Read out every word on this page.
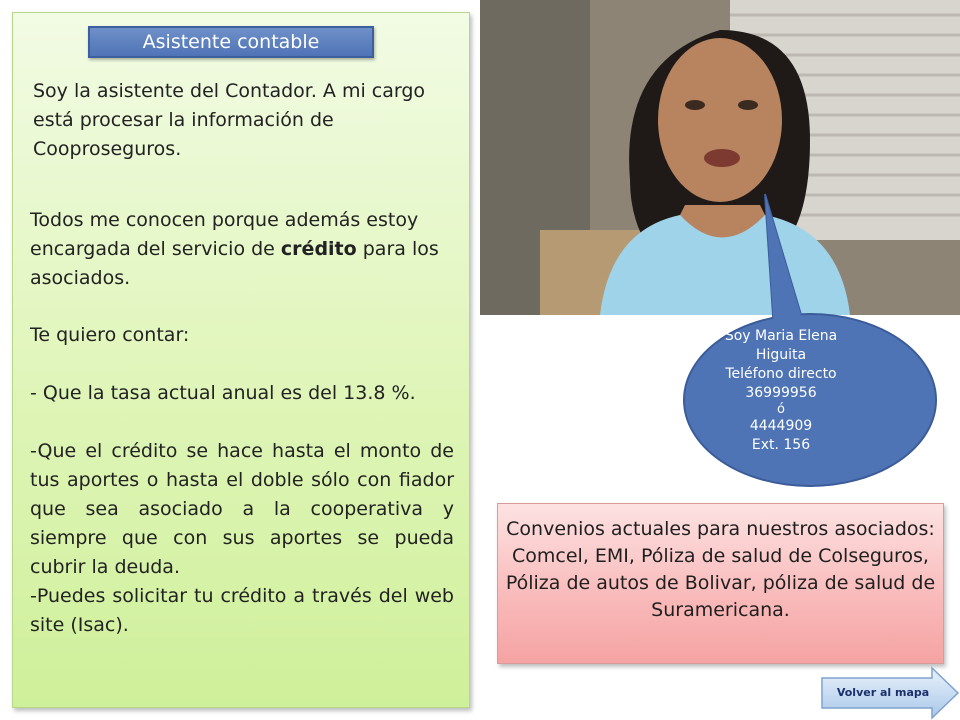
Asistente contable
Soy la asistente del Contador. A mi cargo está procesar la información de Cooproseguros.
Todos me conocen porque además estoy encargada del servicio de crédito para los asociados.
Te quiero contar:
- Que la tasa actual anual es del 13.8 %.
-Que el crédito se hace hasta el monto de tus aportes o hasta el doble sólo con fiador que sea asociado a la cooperativa y siempre que con sus aportes se pueda cubrir la deuda.
-Puedes solicitar tu crédito a través del web site (Isac).
Soy Maria Elena
Higuita
Teléfono directo
36999956
ó
4444909
Ext. 156
Convenios actuales para nuestros asociados:
Comcel, EMI, Póliza de salud de Colseguros, Póliza de autos de Bolivar, póliza de salud de Suramericana.
Volver al mapa
